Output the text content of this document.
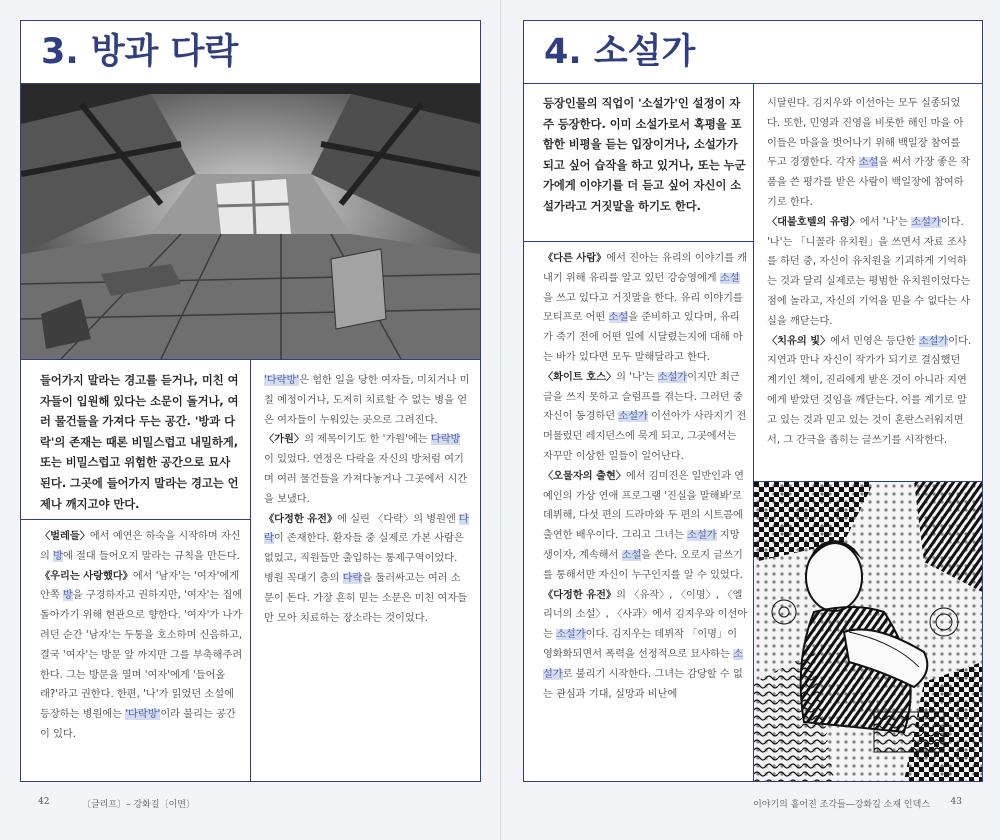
3. 방과 다락
들어가지 말라는 경고를 듣거나, 미친 여자들이 입원해 있다는 소문이 돌거나, 여러 물건들을 가져다 두는 공간. '방과 다락'의 존재는 때론 비밀스럽고 내밀하게, 또는 비밀스럽고 위험한 공간으로 묘사된다. 그곳에 들어가지 말라는 경고는 언제나 깨지고야 만다.
〈벌레들〉에서 예연은 하숙을 시작하며 자신의 방에 절대 들어오지 말라는 규칙을 만든다.
《우리는 사랑했다》에서 '남자'는 '여자'에게 안쪽 방을 구경하자고 권하지만, '여자'는 집에 돌아가기 위해 현관으로 향한다. '여자'가 나가려던 순간 '남자'는 두통을 호소하며 신음하고, 결국 '여자'는 방문 앞 까지만 그를 부축해주려 한다. 그는 방문을 열며 '여자'에게 '들어올래?'라고 권한다. 한편, '나'가 읽었던 소설에 등장하는 병원에는 '다락방'이라 불리는 공간이 있다.
'다락방'은 험한 일을 당한 여자들, 미치거나 미칠 예정이거나, 도저히 치료할 수 없는 병을 얻은 여자들이 누워있는 곳으로 그려진다.
〈가원〉의 제목이기도 한 '가원'에는 다락방이 있었다. 연정은 다락을 자신의 방처럼 여기며 여러 물건들을 가져다놓거나 그곳에서 시간을 보냈다.
《다정한 유전》에 실린 〈다락〉의 병원엔 다락이 존재한다. 환자들 중 실제로 가본 사람은 없었고, 직원들만 출입하는 통제구역이었다. 병원 꼭대기 층의 다락을 둘러싸고는 여러 소문이 돈다. 가장 흔히 믿는 소문은 미친 여자들만 모아 치료하는 장소라는 것이었다.
42	〔글리프〕– 강화길〔이면〕
4. 소설가
등장인물의 직업이 '소설가'인 설정이 자주 등장한다. 이미 소설가로서 혹평을 포함한 비평을 듣는 입장이거나, 소설가가 되고 싶어 습작을 하고 있거나, 또는 누군가에게 이야기를 더 듣고 싶어 자신이 소설가라고 거짓말을 하기도 한다.
《다른 사람》에서 진아는 유리의 이야기를 캐내기 위해 유리를 알고 있던 강승영에게 소설을 쓰고 있다고 거짓말을 한다. 유리 이야기를 모티프로 어떤 소설을 준비하고 있다며, 유리가 죽기 전에 어떤 일에 시달렸는지에 대해 아는 바가 있다면 모두 말해달라고 한다.
〈화이트 호스〉의 '나'는 소설가이지만 최근 글을 쓰지 못하고 슬럼프를 겪는다. 그러던 중 자신이 동경하던 소설가 이선아가 사라지기 전 머물렀던 레지던스에 묵게 되고, 그곳에서는 자꾸만 이상한 일들이 일어난다.
〈오물자의 출현〉에서 김미진은 일반인과 연예인의 가상 연애 프로그램 '진실을 말해봐'로 데뷔해, 다섯 편의 드라마와 두 편의 시트콤에 출연한 배우이다. 그리고 그녀는 소설가 지망생이자, 계속해서 소설을 쓴다. 오로지 글쓰기를 통해서만 자신이 누구인지를 알 수 있었다.
《다정한 유전》의 〈유작〉, 〈이명〉, 〈엘리너의 소설〉, 〈사과〉에서 김지우와 이선아는 소설가이다. 김지우는 데뷔작 「이명」이 영화화되면서 폭력을 선정적으로 묘사하는 소설가로 불리기 시작한다. 그녀는 감당할 수 없는 관심과 기대, 실망과 비난에
시달린다. 김지우와 이선아는 모두 실종되었다. 또한, 민영과 진영을 비롯한 해인 마을 아이들은 마을을 벗어나기 위해 백일장 참여를 두고 경쟁한다. 각자 소설을 써서 가장 좋은 작품을 쓴 평가를 받은 사람이 백일장에 참여하기로 한다.
〈대불호텔의 유령〉에서 '나'는 소설가이다. '나'는 「니꼴라 유치원」을 쓰면서 자료 조사를 하던 중, 자신이 유치원을 기괴하게 기억하는 것과 달리 실제로는 평범한 유치원이었다는 점에 놀라고, 자신의 기억을 믿을 수 없다는 사실을 깨닫는다.
〈치유의 빛〉에서 민영은 등단한 소설가이다. 지연과 만나 자신이 작가가 되기로 결심했던 계기인 책이, 진리에게 받은 것이 아니라 지연에게 받았던 것임을 깨닫는다. 이를 계기로 알고 있는 것과 믿고 있는 것이 혼란스러워지면서, 그 간극을 좁히는 글쓰기를 시작한다.
43
이야기의 흩어진 조각들—강화길 소재 인덱스
